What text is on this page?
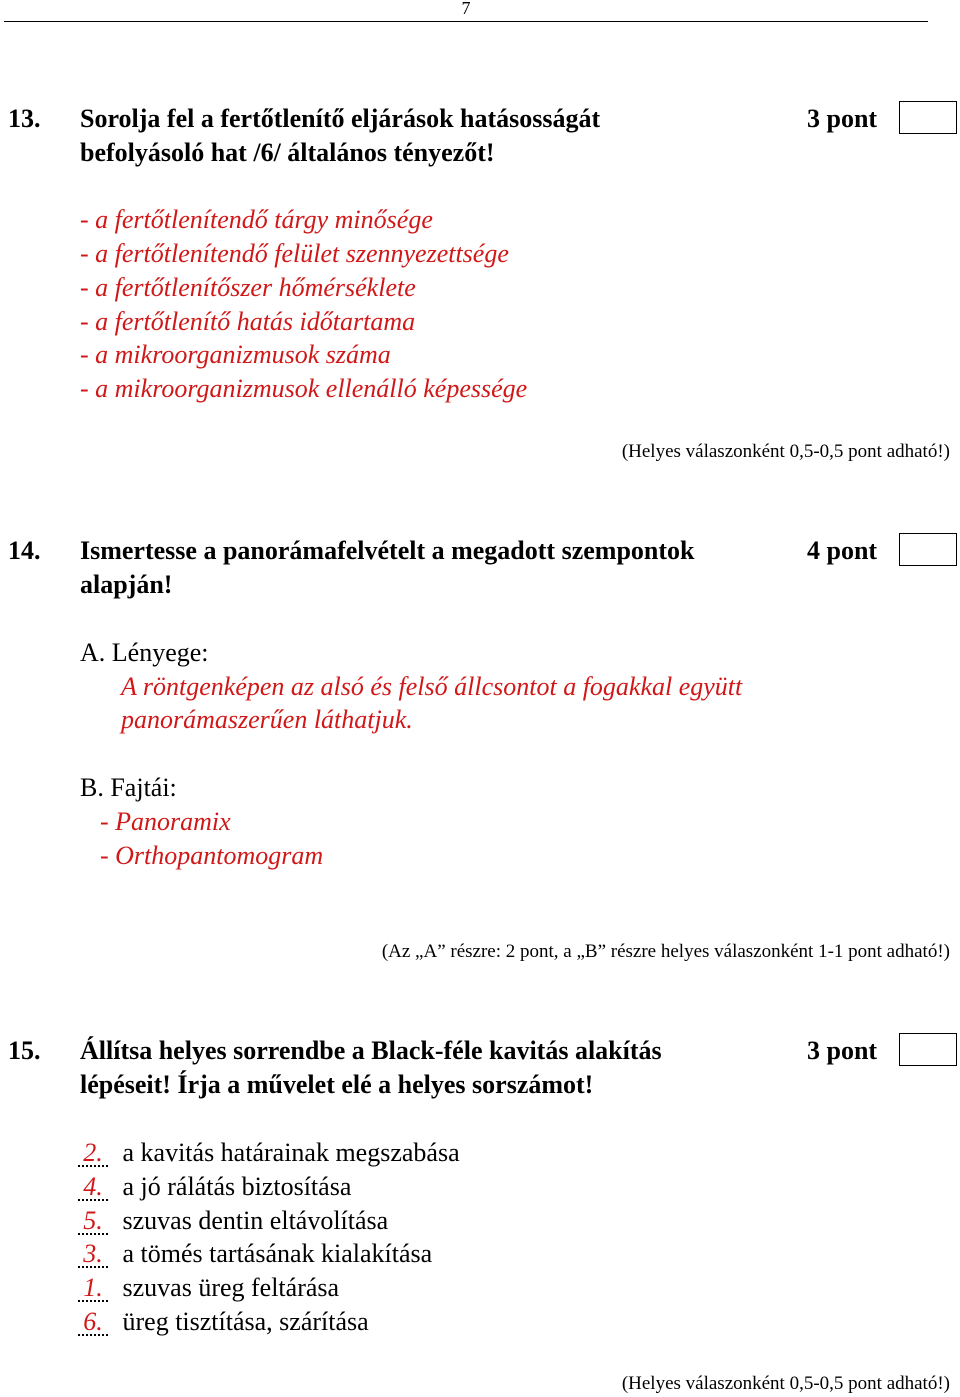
7
13. Sorolja fel a fertőtlenítő eljárások hatásosságát
befolyásoló hat /6/ általános tényezőt!
3 pont
- a fertőtlenítendő tárgy minősége
- a fertőtlenítendő felület szennyezettsége
- a fertőtlenítőszer hőmérséklete
- a fertőtlenítő hatás időtartama
- a mikroorganizmusok száma
- a mikroorganizmusok ellenálló képessége
(Helyes válaszonként 0,5-0,5 pont adható!)
14. Ismertesse a panorámafelvételt a megadott szempontok
alapján!
4 pont
A. Lényege:
A röntgenképen az alsó és felső állcsontot a fogakkal együtt
panorámaszerűen láthatjuk.
B. Fajtái:
- Panoramix
- Orthopantomogram
(Az „A” részre: 2 pont, a „B” részre helyes válaszonként 1-1 pont adható!)
15. Állítsa helyes sorrendbe a Black-féle kavitás alakítás
lépéseit! Írja a művelet elé a helyes sorszámot!
3 pont
2. a kavitás határainak megszabása
4. a jó rálátás biztosítása
5. szuvas dentin eltávolítása
3. a tömés tartásának kialakítása
1. szuvas üreg feltárása
6. üreg tisztítása, szárítása
(Helyes válaszonként 0,5-0,5 pont adható!)
